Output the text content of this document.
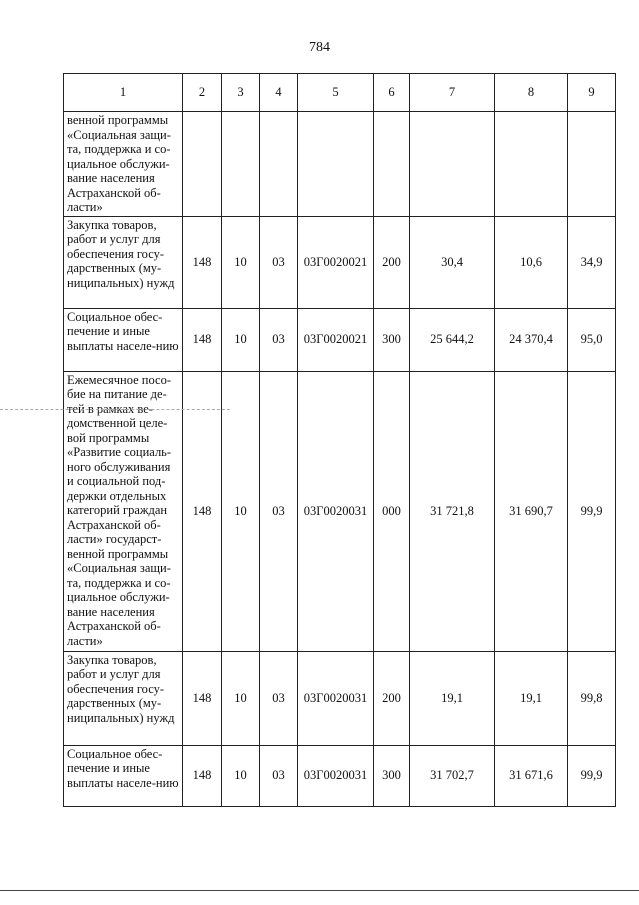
784
1	2	3	4	5	6	7	8	9
венной программы «Социальная защи-та, поддержка и со-циальное обслужи-вание населения Астраханской об-ласти»								
Закупка товаров, работ и услуг для обеспечения госу-дарственных (му-ниципальных) нужд	148	10	03	03Г0020021	200	30,4	10,6	34,9
Социальное обес-печение и иные выплаты населе-нию	148	10	03	03Г0020021	300	25 644,2	24 370,4	95,0
Ежемесячное посо-бие на питание де-тей в рамках ве-домственной целе-вой программы «Развитие социаль-ного обслуживания и социальной под-держки отдельных категорий граждан Астраханской об-ласти» государст-венной программы «Социальная защи-та, поддержка и со-циальное обслужи-вание населения Астраханской об-ласти»	148	10	03	03Г0020031	000	31 721,8	31 690,7	99,9
Закупка товаров, работ и услуг для обеспечения госу-дарственных (му-ниципальных) нужд	148	10	03	03Г0020031	200	19,1	19,1	99,8
Социальное обес-печение и иные выплаты населе-нию	148	10	03	03Г0020031	300	31 702,7	31 671,6	99,9
